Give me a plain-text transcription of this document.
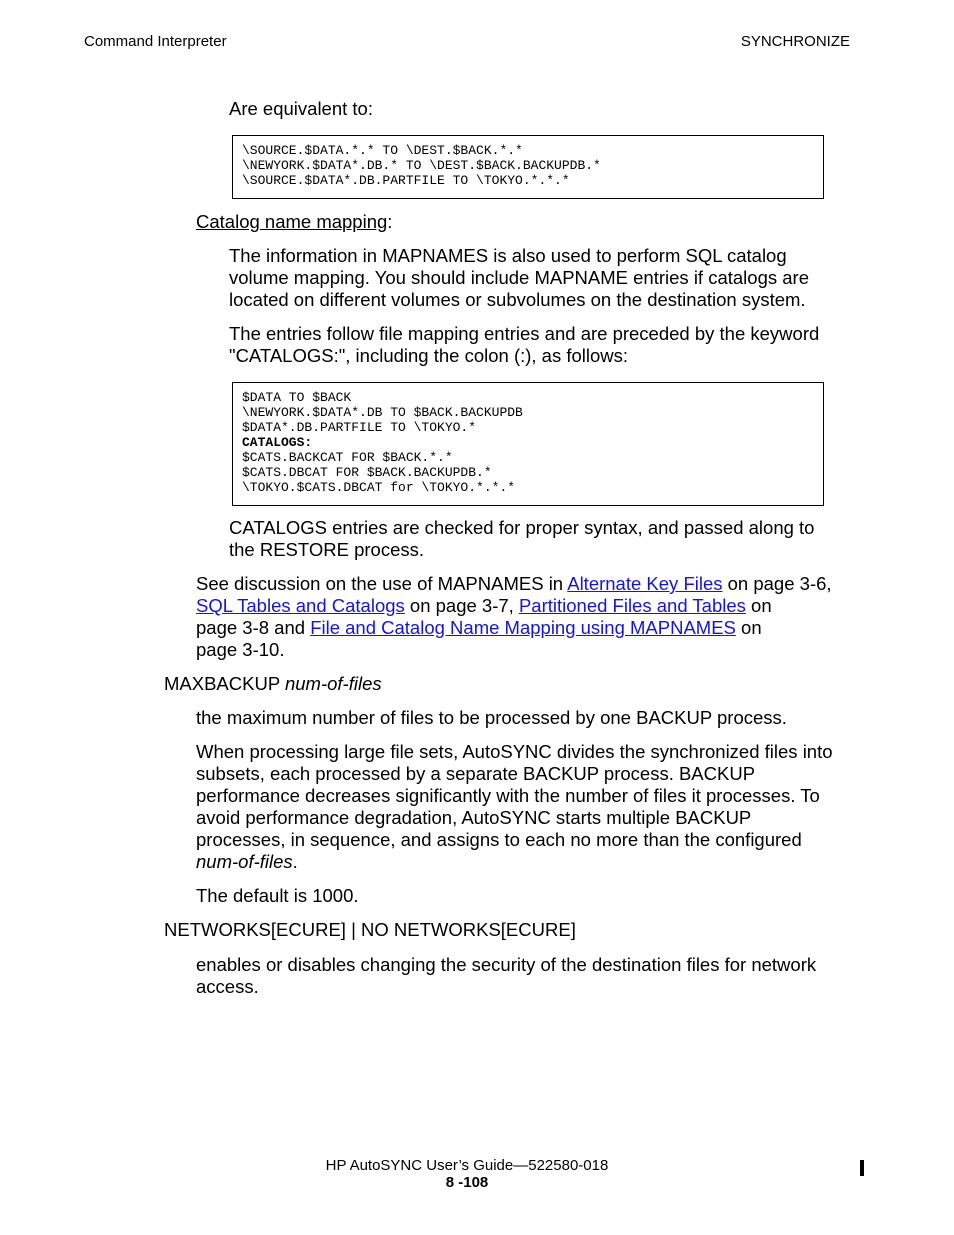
Command Interpreter	SYNCHRONIZE

Are equivalent to:

\SOURCE.$DATA.*.* TO \DEST.$BACK.*.*
\NEWYORK.$DATA*.DB.* TO \DEST.$BACK.BACKUPDB.*
\SOURCE.$DATA*.DB.PARTFILE TO \TOKYO.*.*.*

Catalog name mapping:

The information in MAPNAMES is also used to perform SQL catalog volume mapping. You should include MAPNAME entries if catalogs are located on different volumes or subvolumes on the destination system.

The entries follow file mapping entries and are preceded by the keyword "CATALOGS:", including the colon (:), as follows:

$DATA TO $BACK
\NEWYORK.$DATA*.DB TO $BACK.BACKUPDB
$DATA*.DB.PARTFILE TO \TOKYO.*
CATALOGS:
$CATS.BACKCAT FOR $BACK.*.*
$CATS.DBCAT FOR $BACK.BACKUPDB.*
\TOKYO.$CATS.DBCAT for \TOKYO.*.*.*

CATALOGS entries are checked for proper syntax, and passed along to the RESTORE process.

See discussion on the use of MAPNAMES in Alternate Key Files on page 3-6,
SQL Tables and Catalogs on page 3-7, Partitioned Files and Tables on
page 3-8 and File and Catalog Name Mapping using MAPNAMES on
page 3-10.

MAXBACKUP num-of-files

the maximum number of files to be processed by one BACKUP process.

When processing large file sets, AutoSYNC divides the synchronized files into subsets, each processed by a separate BACKUP process. BACKUP performance decreases significantly with the number of files it processes. To avoid performance degradation, AutoSYNC starts multiple BACKUP processes, in sequence, and assigns to each no more than the configured num-of-files.

The default is 1000.

NETWORKS[ECURE] | NO NETWORKS[ECURE]

enables or disables changing the security of the destination files for network access.

HP AutoSYNC User’s Guide—522580-018
8 -108
